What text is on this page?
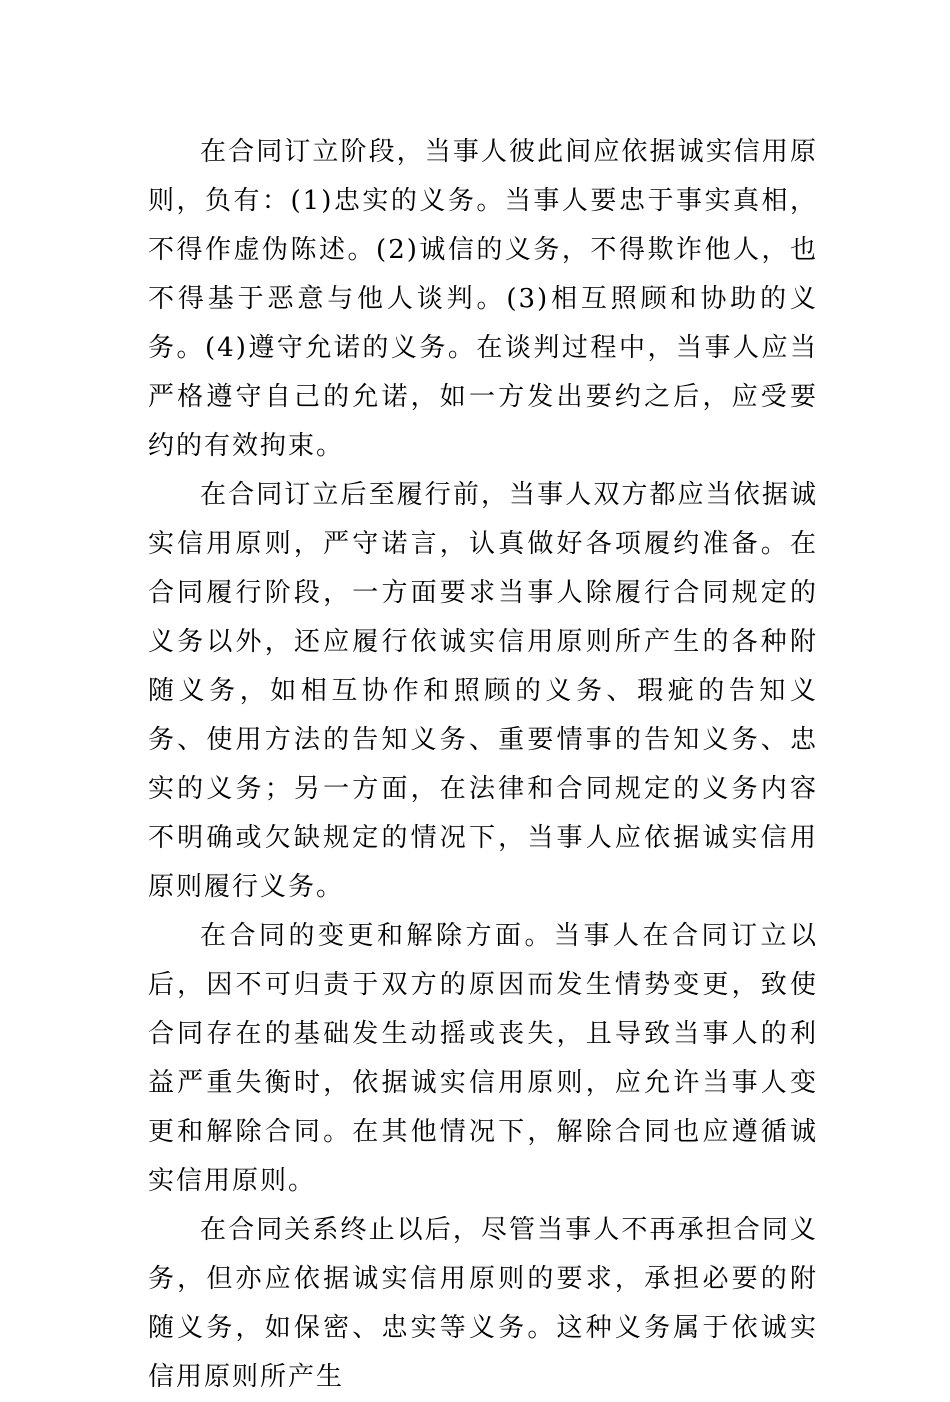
在合同订立阶段，当事人彼此间应依据诚实信用原则，负有：(1)忠实的义务。当事人要忠于事实真相，不得作虚伪陈述。(2)诚信的义务，不得欺诈他人，也不得基于恶意与他人谈判。(3)相互照顾和协助的义务。(4)遵守允诺的义务。在谈判过程中，当事人应当严格遵守自己的允诺，如一方发出要约之后，应受要约的有效拘束。

在合同订立后至履行前，当事人双方都应当依据诚实信用原则，严守诺言，认真做好各项履约准备。在合同履行阶段，一方面要求当事人除履行合同规定的义务以外，还应履行依诚实信用原则所产生的各种附随义务，如相互协作和照顾的义务、瑕疵的告知义务、使用方法的告知义务、重要情事的告知义务、忠实的义务；另一方面，在法律和合同规定的义务内容不明确或欠缺规定的情况下，当事人应依据诚实信用原则履行义务。

在合同的变更和解除方面。当事人在合同订立以后，因不可归责于双方的原因而发生情势变更，致使合同存在的基础发生动摇或丧失，且导致当事人的利益严重失衡时，依据诚实信用原则，应允许当事人变更和解除合同。在其他情况下，解除合同也应遵循诚实信用原则。

在合同关系终止以后，尽管当事人不再承担合同义务，但亦应依据诚实信用原则的要求，承担必要的附随义务，如保密、忠实等义务。这种义务属于依诚实信用原则所产生
